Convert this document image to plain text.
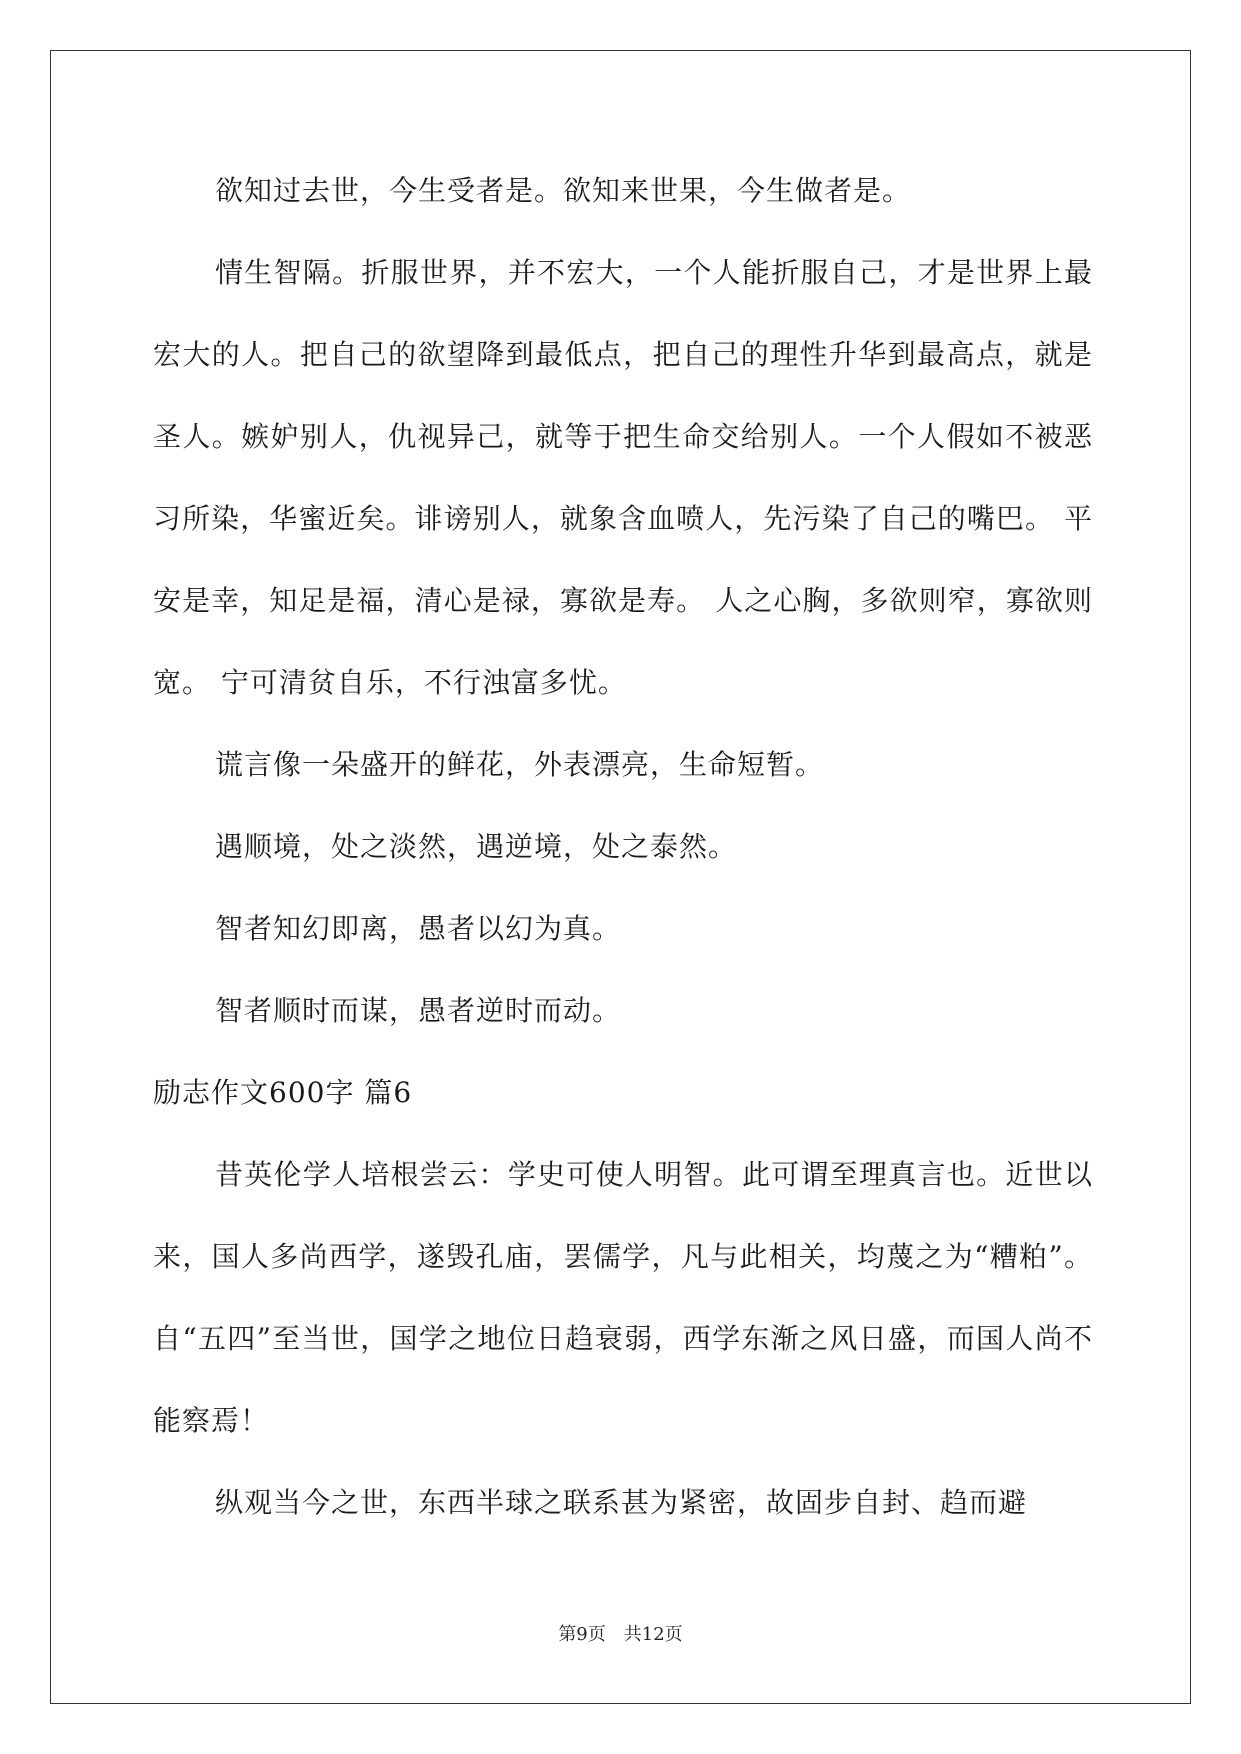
欲知过去世，今生受者是。欲知来世果，今生做者是。

情生智隔。折服世界，并不宏大，一个人能折服自己，才是世界上最宏大的人。把自己的欲望降到最低点，把自己的理性升华到最高点，就是圣人。嫉妒别人，仇视异己，就等于把生命交给别人。一个人假如不被恶习所染，华蜜近矣。诽谤别人，就象含血喷人，先污染了自己的嘴巴。 平安是幸，知足是福，清心是禄，寡欲是寿。 人之心胸，多欲则窄，寡欲则宽。 宁可清贫自乐，不行浊富多忧。

谎言像一朵盛开的鲜花，外表漂亮，生命短暂。

遇顺境，处之淡然，遇逆境，处之泰然。

智者知幻即离，愚者以幻为真。

智者顺时而谋，愚者逆时而动。

励志作文600字 篇6

昔英伦学人培根尝云：学史可使人明智。此可谓至理真言也。近世以来，国人多尚西学，遂毁孔庙，罢儒学，凡与此相关，均蔑之为“糟粕”。自“五四”至当世，国学之地位日趋衰弱，西学东渐之风日盛，而国人尚不能察焉！

纵观当今之世，东西半球之联系甚为紧密，故固步自封、趋而避

第9页　共12页
